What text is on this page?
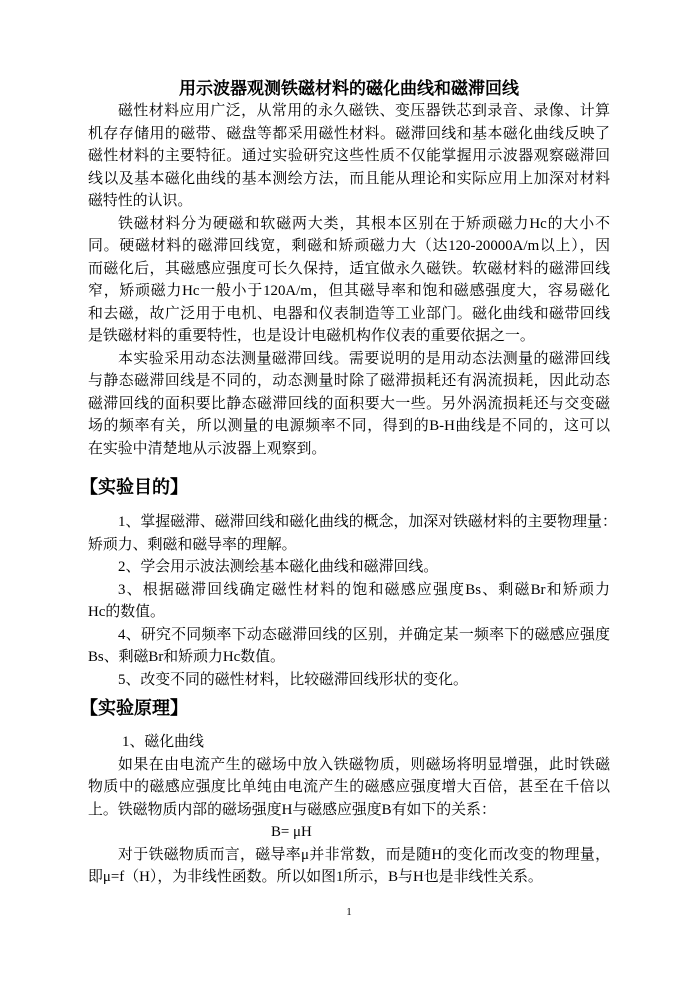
用示波器观测铁磁材料的磁化曲线和磁滞回线
磁性材料应用广泛，从常用的永久磁铁、变压器铁芯到录音、录像、计算
机存存储用的磁带、磁盘等都采用磁性材料。磁滞回线和基本磁化曲线反映了
磁性材料的主要特征。通过实验研究这些性质不仅能掌握用示波器观察磁滞回
线以及基本磁化曲线的基本测绘方法，而且能从理论和实际应用上加深对材料
磁特性的认识。
铁磁材料分为硬磁和软磁两大类，其根本区别在于矫顽磁力Hc的大小不
同。硬磁材料的磁滞回线宽，剩磁和矫顽磁力大（达120-20000A/m以上），因
而磁化后，其磁感应强度可长久保持，适宜做永久磁铁。软磁材料的磁滞回线
窄，矫顽磁力Hc一般小于120A/m，但其磁导率和饱和磁感强度大，容易磁化
和去磁，故广泛用于电机、电器和仪表制造等工业部门。磁化曲线和磁带回线
是铁磁材料的重要特性，也是设计电磁机构作仪表的重要依据之一。
本实验采用动态法测量磁滞回线。需要说明的是用动态法测量的磁滞回线
与静态磁滞回线是不同的，动态测量时除了磁滞损耗还有涡流损耗，因此动态
磁滞回线的面积要比静态磁滞回线的面积要大一些。另外涡流损耗还与交变磁
场的频率有关，所以测量的电源频率不同，得到的B-H曲线是不同的，这可以
在实验中清楚地从示波器上观察到。
【实验目的】
1、掌握磁滞、磁滞回线和磁化曲线的概念，加深对铁磁材料的主要物理量：
矫顽力、剩磁和磁导率的理解。
2、学会用示波法测绘基本磁化曲线和磁滞回线。
3、根据磁滞回线确定磁性材料的饱和磁感应强度Bs、剩磁Br和矫顽力
Hc的数值。
4、研究不同频率下动态磁滞回线的区别，并确定某一频率下的磁感应强度
Bs、剩磁Br和矫顽力Hc数值。
5、改变不同的磁性材料，比较磁滞回线形状的变化。
【实验原理】
1、磁化曲线
如果在由电流产生的磁场中放入铁磁物质，则磁场将明显增强，此时铁磁
物质中的磁感应强度比单纯由电流产生的磁感应强度增大百倍，甚至在千倍以
上。铁磁物质内部的磁场强度H与磁感应强度B有如下的关系：
B= μH
对于铁磁物质而言，磁导率μ并非常数，而是随H的变化而改变的物理量，
即μ=f（H），为非线性函数。所以如图1所示，B与H也是非线性关系。
1
